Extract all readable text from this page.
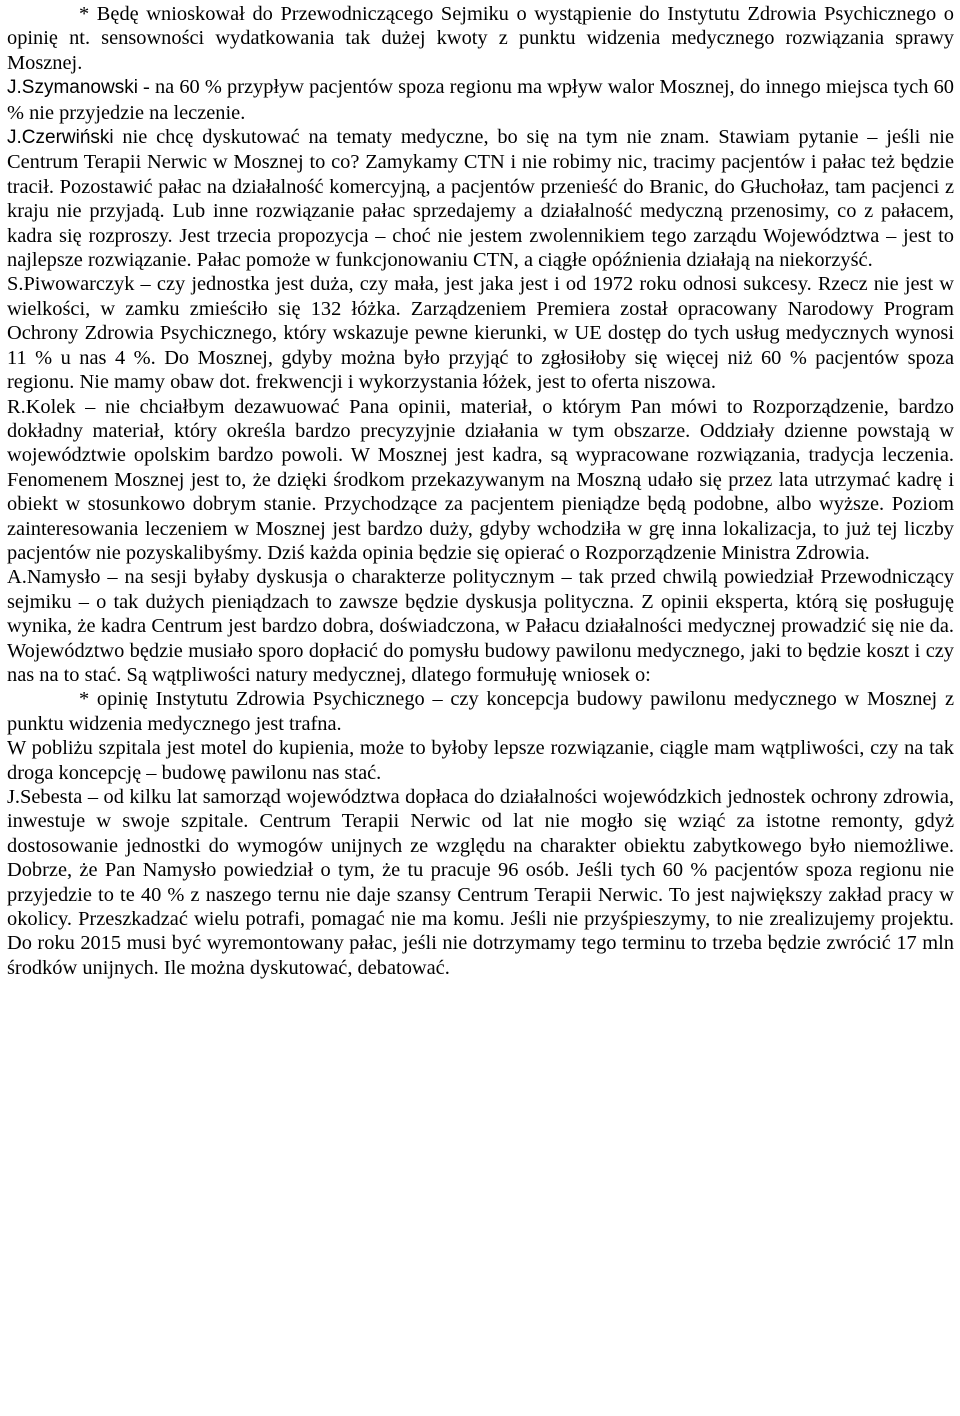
* Będę wnioskował do Przewodniczącego Sejmiku o wystąpienie do Instytutu Zdrowia Psychicznego o opinię nt. sensowności wydatkowania tak dużej kwoty z punktu widzenia medycznego rozwiązania sprawy Mosznej.

J.Szymanowski - na 60 % przypływ pacjentów spoza regionu ma wpływ walor Mosznej, do innego miejsca tych 60 % nie przyjedzie na leczenie.

J.Czerwiński nie chcę dyskutować na tematy medyczne, bo się na tym nie znam. Stawiam pytanie – jeśli nie Centrum Terapii Nerwic w Mosznej to co? Zamykamy CTN i nie robimy nic, tracimy pacjentów i pałac też będzie tracił. Pozostawić pałac na działalność komercyjną, a pacjentów przenieść do Branic, do Głuchołaz, tam pacjenci z kraju nie przyjadą. Lub inne rozwiązanie pałac sprzedajemy a działalność medyczną przenosimy, co z pałacem, kadra się rozproszy. Jest trzecia propozycja – choć nie jestem zwolennikiem tego zarządu Województwa – jest to najlepsze rozwiązanie. Pałac pomoże w funkcjonowaniu CTN, a ciągłe opóźnienia działają na niekorzyść.

S.Piwowarczyk – czy jednostka jest duża, czy mała, jest jaka jest i od 1972 roku odnosi sukcesy. Rzecz nie jest w wielkości, w zamku zmieściło się 132 łóżka. Zarządzeniem Premiera został opracowany Narodowy Program Ochrony Zdrowia Psychicznego, który wskazuje pewne kierunki, w UE dostęp do tych usług medycznych wynosi 11 % u nas 4 %. Do Mosznej, gdyby można było przyjąć to zgłosiłoby się więcej niż 60 % pacjentów spoza regionu. Nie mamy obaw dot. frekwencji i wykorzystania łóżek, jest to oferta niszowa.

R.Kolek – nie chciałbym dezawuować Pana opinii, materiał, o którym Pan mówi to Rozporządzenie, bardzo dokładny materiał, który określa bardzo precyzyjnie działania w tym obszarze. Oddziały dzienne powstają w województwie opolskim bardzo powoli. W Mosznej jest kadra, są wypracowane rozwiązania, tradycja leczenia. Fenomenem Mosznej jest to, że dzięki środkom przekazywanym na Moszną udało się przez lata utrzymać kadrę i obiekt w stosunkowo dobrym stanie. Przychodzące za pacjentem pieniądze będą podobne, albo wyższe. Poziom zainteresowania leczeniem w Mosznej jest bardzo duży, gdyby wchodziła w grę inna lokalizacja, to już tej liczby pacjentów nie pozyskalibyśmy. Dziś każda opinia będzie się opierać o Rozporządzenie Ministra Zdrowia.

A.Namysło – na sesji byłaby dyskusja o charakterze politycznym – tak przed chwilą powiedział Przewodniczący sejmiku – o tak dużych pieniądzach to zawsze będzie dyskusja polityczna. Z opinii eksperta, którą się posługuję wynika, że kadra Centrum jest bardzo dobra, doświadczona, w Pałacu działalności medycznej prowadzić się nie da. Województwo będzie musiało sporo dopłacić do pomysłu budowy pawilonu medycznego, jaki to będzie koszt i czy nas na to stać. Są wątpliwości natury medycznej, dlatego formułuję wniosek o:

* opinię Instytutu Zdrowia Psychicznego – czy koncepcja budowy pawilonu medycznego w Mosznej z punktu widzenia medycznego jest trafna.

W pobliżu szpitala jest motel do kupienia, może to byłoby lepsze rozwiązanie, ciągle mam wątpliwości, czy na tak droga koncepcję – budowę pawilonu nas stać.

J.Sebesta – od kilku lat samorząd województwa dopłaca do działalności wojewódzkich jednostek ochrony zdrowia, inwestuje w swoje szpitale. Centrum Terapii Nerwic od lat nie mogło się wziąć za istotne remonty, gdyż dostosowanie jednostki do wymogów unijnych ze względu na charakter obiektu zabytkowego było niemożliwe. Dobrze, że Pan Namysło powiedział o tym, że tu pracuje 96 osób. Jeśli tych 60 % pacjentów spoza regionu nie przyjedzie to te 40 % z naszego ternu nie daje szansy Centrum Terapii Nerwic. To jest największy zakład pracy w okolicy. Przeszkadzać wielu potrafi, pomagać nie ma komu. Jeśli nie przyśpieszymy, to nie zrealizujemy projektu. Do roku 2015 musi być wyremontowany pałac, jeśli nie dotrzymamy tego terminu to trzeba będzie zwrócić 17 mln środków unijnych. Ile można dyskutować, debatować.
